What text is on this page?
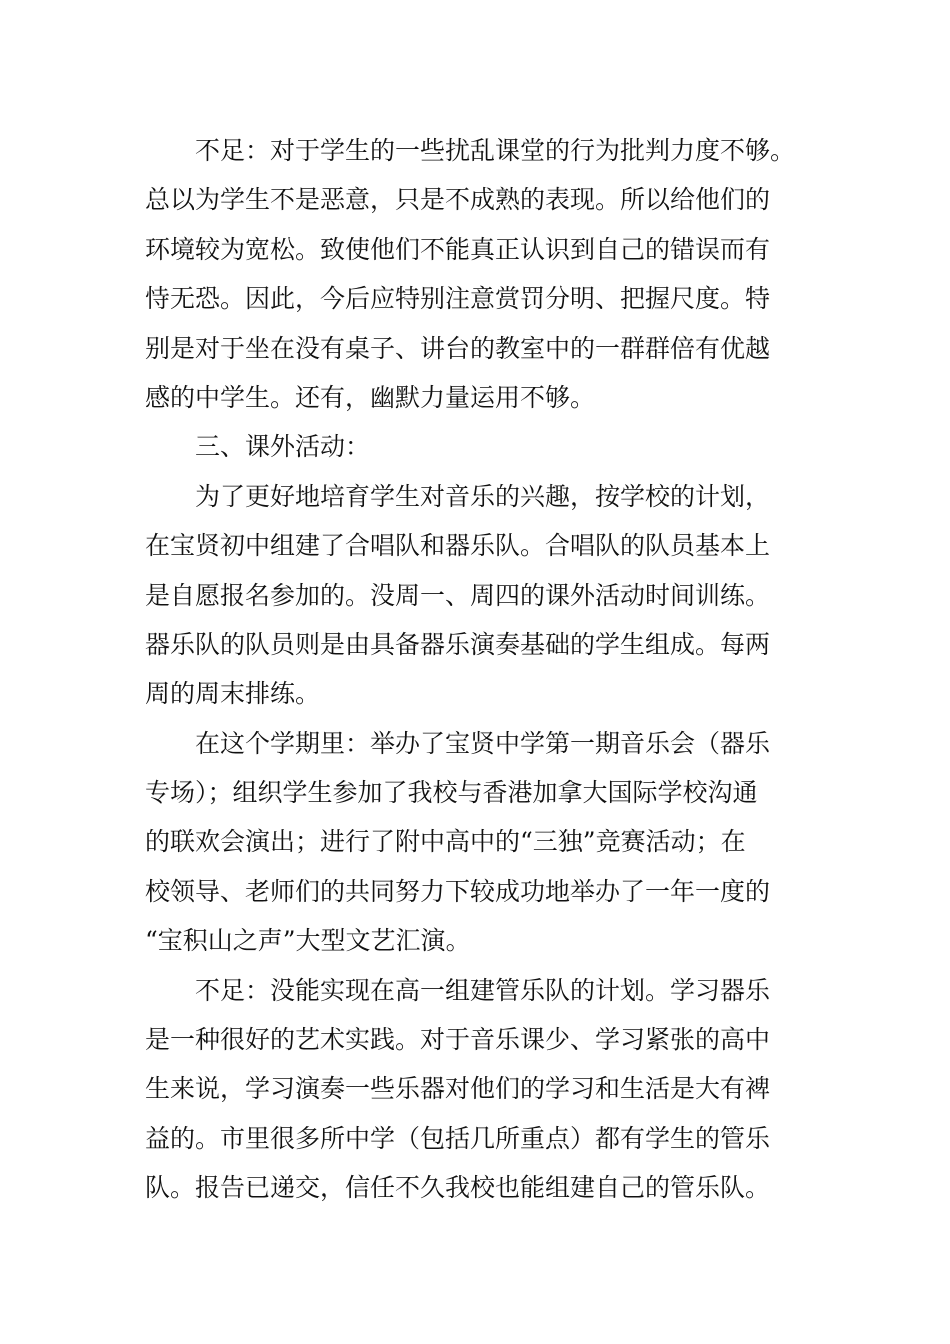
　　不足：对于学生的一些扰乱课堂的行为批判力度不够。
总以为学生不是恶意，只是不成熟的表现。所以给他们的
环境较为宽松。致使他们不能真正认识到自己的错误而有
恃无恐。因此，今后应特别注意赏罚分明、把握尺度。特
别是对于坐在没有桌子、讲台的教室中的一群群倍有优越
感的中学生。还有，幽默力量运用不够。
　　三、课外活动：
　　为了更好地培育学生对音乐的兴趣，按学校的计划，
在宝贤初中组建了合唱队和器乐队。合唱队的队员基本上
是自愿报名参加的。没周一、周四的课外活动时间训练。
器乐队的队员则是由具备器乐演奏基础的学生组成。每两
周的周末排练。
　　在这个学期里：举办了宝贤中学第一期音乐会（器乐
专场）；组织学生参加了我校与香港加拿大国际学校沟通
的联欢会演出；进行了附中高中的“三独”竞赛活动；在
校领导、老师们的共同努力下较成功地举办了一年一度的
“宝积山之声”大型文艺汇演。
　　不足：没能实现在高一组建管乐队的计划。学习器乐
是一种很好的艺术实践。对于音乐课少、学习紧张的高中
生来说，学习演奏一些乐器对他们的学习和生活是大有裨
益的。市里很多所中学（包括几所重点）都有学生的管乐
队。报告已递交，信任不久我校也能组建自己的管乐队。
